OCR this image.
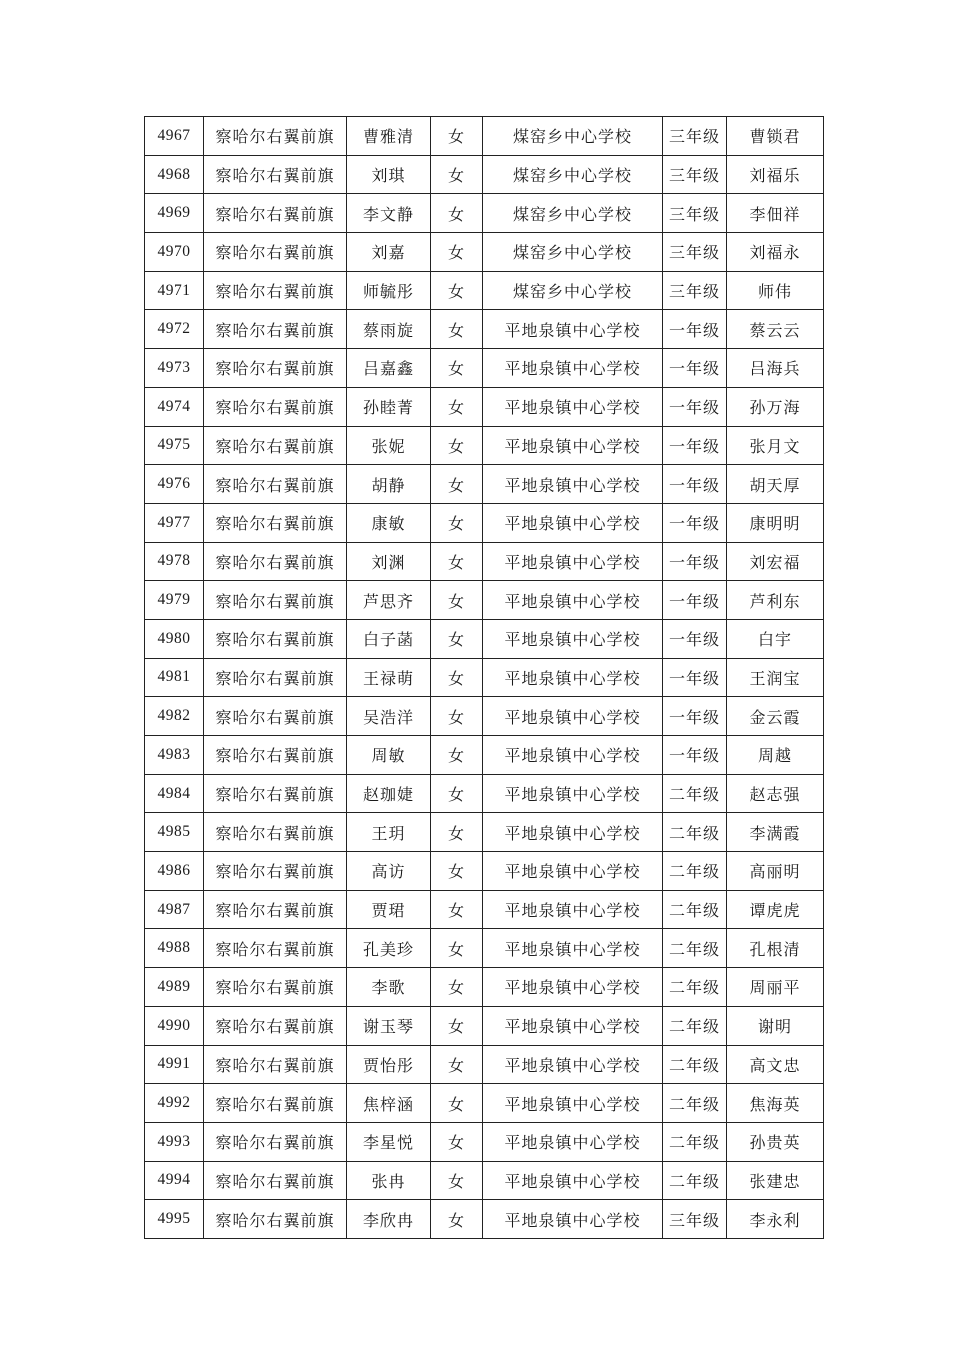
4967	察哈尔右翼前旗	曹雅清	女	煤窑乡中心学校	三年级	曹锁君
4968	察哈尔右翼前旗	刘琪	女	煤窑乡中心学校	三年级	刘福乐
4969	察哈尔右翼前旗	李文静	女	煤窑乡中心学校	三年级	李佃祥
4970	察哈尔右翼前旗	刘嘉	女	煤窑乡中心学校	三年级	刘福永
4971	察哈尔右翼前旗	师毓彤	女	煤窑乡中心学校	三年级	师伟
4972	察哈尔右翼前旗	蔡雨旋	女	平地泉镇中心学校	一年级	蔡云云
4973	察哈尔右翼前旗	吕嘉鑫	女	平地泉镇中心学校	一年级	吕海兵
4974	察哈尔右翼前旗	孙睦菁	女	平地泉镇中心学校	一年级	孙万海
4975	察哈尔右翼前旗	张妮	女	平地泉镇中心学校	一年级	张月文
4976	察哈尔右翼前旗	胡静	女	平地泉镇中心学校	一年级	胡天厚
4977	察哈尔右翼前旗	康敏	女	平地泉镇中心学校	一年级	康明明
4978	察哈尔右翼前旗	刘渊	女	平地泉镇中心学校	一年级	刘宏福
4979	察哈尔右翼前旗	芦思齐	女	平地泉镇中心学校	一年级	芦利东
4980	察哈尔右翼前旗	白子菡	女	平地泉镇中心学校	一年级	白宇
4981	察哈尔右翼前旗	王禄萌	女	平地泉镇中心学校	一年级	王润宝
4982	察哈尔右翼前旗	吴浩洋	女	平地泉镇中心学校	一年级	金云霞
4983	察哈尔右翼前旗	周敏	女	平地泉镇中心学校	一年级	周越
4984	察哈尔右翼前旗	赵珈婕	女	平地泉镇中心学校	二年级	赵志强
4985	察哈尔右翼前旗	王玥	女	平地泉镇中心学校	二年级	李满霞
4986	察哈尔右翼前旗	高访	女	平地泉镇中心学校	二年级	高丽明
4987	察哈尔右翼前旗	贾珺	女	平地泉镇中心学校	二年级	谭虎虎
4988	察哈尔右翼前旗	孔美珍	女	平地泉镇中心学校	二年级	孔根清
4989	察哈尔右翼前旗	李歌	女	平地泉镇中心学校	二年级	周丽平
4990	察哈尔右翼前旗	谢玉琴	女	平地泉镇中心学校	二年级	谢明
4991	察哈尔右翼前旗	贾怡彤	女	平地泉镇中心学校	二年级	高文忠
4992	察哈尔右翼前旗	焦梓涵	女	平地泉镇中心学校	二年级	焦海英
4993	察哈尔右翼前旗	李星悦	女	平地泉镇中心学校	二年级	孙贵英
4994	察哈尔右翼前旗	张冉	女	平地泉镇中心学校	二年级	张建忠
4995	察哈尔右翼前旗	李欣冉	女	平地泉镇中心学校	三年级	李永利
